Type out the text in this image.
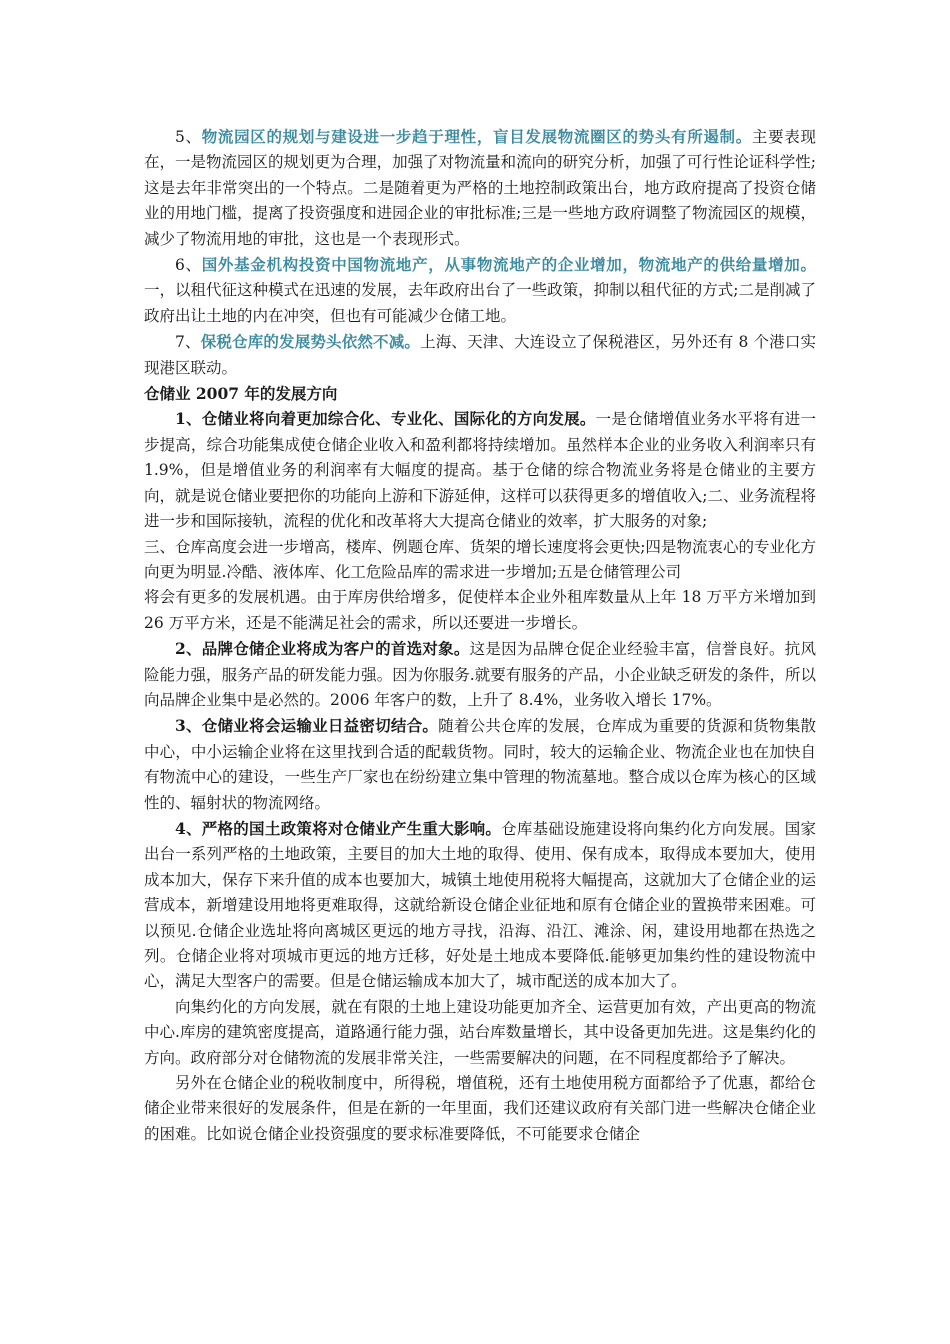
5、物流园区的规划与建设进一步趋于理性，盲目发展物流圈区的势头有所遏制。主要表现在，一是物流园区的规划更为合理，加强了对物流量和流向的研究分析，加强了可行性论证科学性;这是去年非常突出的一个特点。二是随着更为严格的土地控制政策出台，地方政府提高了投资仓储业的用地门槛，提离了投资强度和进园企业的审批标准;三是一些地方政府调整了物流园区的规模，减少了物流用地的审批，这也是一个表现形式。

6、国外基金机构投资中国物流地产，从事物流地产的企业增加，物流地产的供给量增加。一，以租代征这种模式在迅速的发展，去年政府出台了一些政策，抑制以租代征的方式;二是削减了政府出让土地的内在冲突，但也有可能减少仓储工地。

7、保税仓库的发展势头依然不减。上海、天津、大连设立了保税港区，另外还有 8 个港口实现港区联动。

仓储业 2007 年的发展方向

1、仓储业将向着更加综合化、专业化、国际化的方向发展。一是仓储增值业务水平将有进一步提高，综合功能集成使仓储企业收入和盈利都将持续增加。虽然样本企业的业务收入利润率只有 1.9%，但是增值业务的利润率有大幅度的提高。基于仓储的综合物流业务将是仓储业的主要方向，就是说仓储业要把你的功能向上游和下游延伸，这样可以获得更多的增值收入;二、业务流程将进一步和国际接轨，流程的优化和改革将大大提高仓储业的效率，扩大服务的对象;

三、仓库高度会进一步增高，楼库、例题仓库、货架的增长速度将会更快;四是物流衷心的专业化方向更为明显.冷酷、液体库、化工危险品库的需求进一步增加;五是仓储管理公司

将会有更多的发展机遇。由于库房供给增多，促使样本企业外租库数量从上年 18 万平方米增加到 26 万平方米，还是不能满足社会的需求，所以还要进一步增长。

2、品牌仓储企业将成为客户的首选对象。这是因为品牌仓促企业经验丰富，信誉良好。抗风险能力强，服务产品的研发能力强。因为你服务.就要有服务的产品，小企业缺乏研发的条件，所以向品牌企业集中是必然的。2006 年客户的数，上升了 8.4%，业务收入增长 17%。

3、仓储业将会运输业日益密切结合。随着公共仓库的发展，仓库成为重要的货源和货物集散中心，中小运输企业将在这里找到合适的配载货物。同时，较大的运输企业、物流企业也在加快自有物流中心的建设，一些生产厂家也在纷纷建立集中管理的物流墓地。整合成以仓库为核心的区域性的、辐射状的物流网络。

4、严格的国土政策将对仓储业产生重大影响。仓库基础设施建设将向集约化方向发展。国家出台一系列严格的土地政策，主要目的加大土地的取得、使用、保有成本，取得成本要加大，使用成本加大，保存下来升值的成本也要加大，城镇土地使用税将大幅提高，这就加大了仓储企业的运营成本，新增建设用地将更难取得，这就给新设仓储企业征地和原有仓储企业的置换带来困难。可以预见.仓储企业选址将向离城区更远的地方寻找，沿海、沿江、滩涂、闲，建设用地都在热选之列。仓储企业将对项城市更远的地方迁移，好处是土地成本要降低.能够更加集约性的建设物流中心，满足大型客户的需要。但是仓储运输成本加大了，城市配送的成本加大了。

向集约化的方向发展，就在有限的土地上建设功能更加齐全、运营更加有效，产出更高的物流中心.库房的建筑密度提高，道路通行能力强，站台库数量增长，其中设备更加先进。这是集约化的方向。政府部分对仓储物流的发展非常关注，一些需要解决的问题，在不同程度都给予了解决。

另外在仓储企业的税收制度中，所得税，增值税，还有土地使用税方面都给予了优惠，都给仓储企业带来很好的发展条件，但是在新的一年里面，我们还建议政府有关部门进一些解决仓储企业的困难。比如说仓储企业投资强度的要求标准要降低，不可能要求仓储企
